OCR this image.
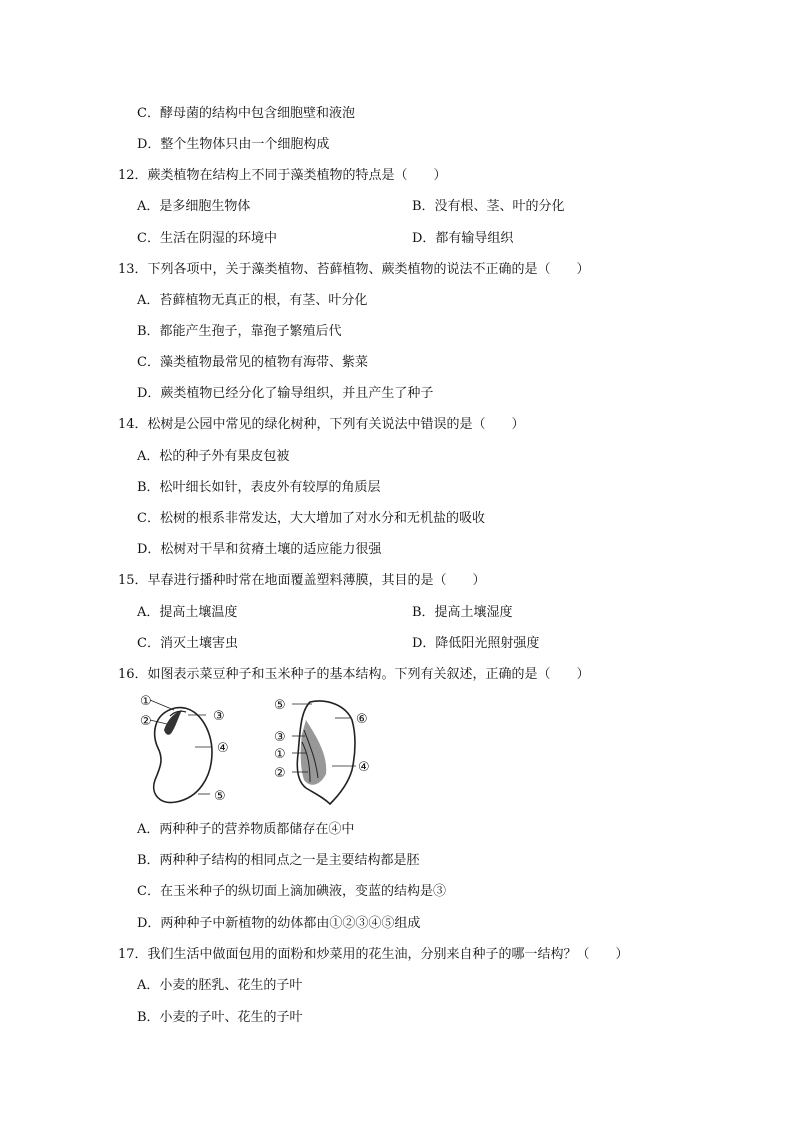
C．酵母菌的结构中包含细胞壁和液泡
D．整个生物体只由一个细胞构成
12．蕨类植物在结构上不同于藻类植物的特点是（　　）
A．是多细胞生物体	B．没有根、茎、叶的分化
C．生活在阴湿的环境中	D．都有输导组织
13．下列各项中，关于藻类植物、苔藓植物、蕨类植物的说法不正确的是（　　）
A．苔藓植物无真正的根，有茎、叶分化
B．都能产生孢子，靠孢子繁殖后代
C．藻类植物最常见的植物有海带、紫菜
D．蕨类植物已经分化了输导组织，并且产生了种子
14．松树是公园中常见的绿化树种，下列有关说法中错误的是（　　）
A．松的种子外有果皮包被
B．松叶细长如针，表皮外有较厚的角质层
C．松树的根系非常发达，大大增加了对水分和无机盐的吸收
D．松树对干旱和贫瘠土壤的适应能力很强
15．早春进行播种时常在地面覆盖塑料薄膜，其目的是（　　）
A．提高土壤温度	B．提高土壤湿度
C．消灭土壤害虫	D．降低阳光照射强度
16．如图表示菜豆种子和玉米种子的基本结构。下列有关叙述，正确的是（　　）
①
②	③
④
⑤
⑤
⑥
③
①
②	④
A．两种种子的营养物质都储存在④中
B．两种种子结构的相同点之一是主要结构都是胚
C．在玉米种子的纵切面上滴加碘液，变蓝的结构是③
D．两种种子中新植物的幼体都由①②③④⑤组成
17．我们生活中做面包用的面粉和炒菜用的花生油，分别来自种子的哪一结构？（　　）
A．小麦的胚乳、花生的子叶
B．小麦的子叶、花生的子叶
